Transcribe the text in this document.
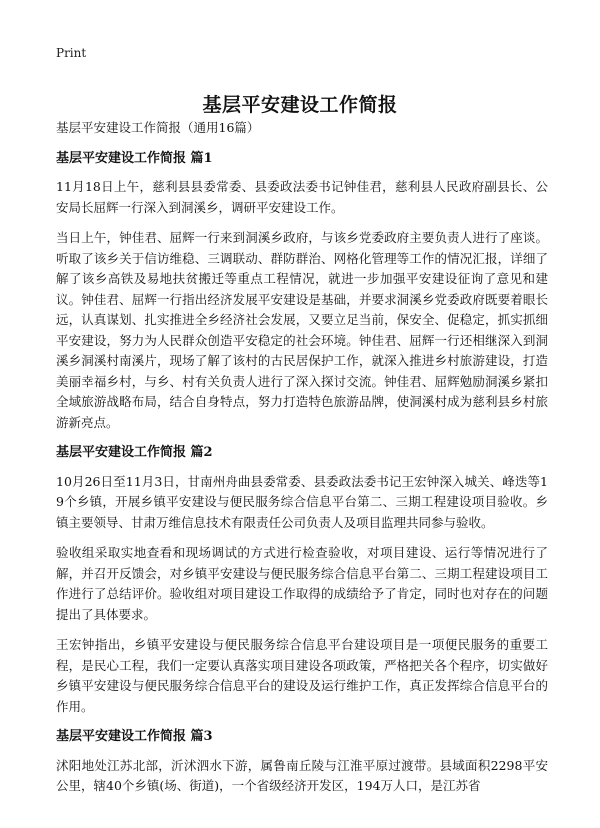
Print
基层平安建设工作简报

基层平安建设工作简报（通用16篇）

基层平安建设工作简报 篇1

11月18日上午，慈利县县委常委、县委政法委书记钟佳君，慈利县人民政府副县长、公安局长屈辉一行深入到洞溪乡，调研平安建设工作。

当日上午，钟佳君、屈辉一行来到洞溪乡政府，与该乡党委政府主要负责人进行了座谈。听取了该乡关于信访维稳、三调联动、群防群治、网格化管理等工作的情况汇报，详细了解了该乡高铁及易地扶贫搬迁等重点工程情况，就进一步加强平安建设征询了意见和建议。钟佳君、屈辉一行指出经济发展平安建设是基础，并要求洞溪乡党委政府既要着眼长远，认真谋划、扎实推进全乡经济社会发展，又要立足当前，保安全、促稳定，抓实抓细平安建设，努力为人民群众创造平安稳定的社会环境。钟佳君、屈辉一行还相继深入到洞溪乡洞溪村南溪片，现场了解了该村的古民居保护工作，就深入推进乡村旅游建设，打造美丽幸福乡村，与乡、村有关负责人进行了深入探讨交流。钟佳君、屈辉勉励洞溪乡紧扣全域旅游战略布局，结合自身特点，努力打造特色旅游品牌，使洞溪村成为慈利县乡村旅游新亮点。

基层平安建设工作简报 篇2

10月26日至11月3日，甘南州舟曲县委常委、县委政法委书记王宏钟深入城关、峰迭等19个乡镇，开展乡镇平安建设与便民服务综合信息平台第二、三期工程建设项目验收。乡镇主要领导、甘肃万维信息技术有限责任公司负责人及项目监理共同参与验收。

验收组采取实地查看和现场调试的方式进行检查验收，对项目建设、运行等情况进行了解，并召开反馈会，对乡镇平安建设与便民服务综合信息平台第二、三期工程建设项目工作进行了总结评价。验收组对项目建设工作取得的成绩给予了肯定，同时也对存在的问题提出了具体要求。

王宏钟指出，乡镇平安建设与便民服务综合信息平台建设项目是一项便民服务的重要工程，是民心工程，我们一定要认真落实项目建设各项政策，严格把关各个程序，切实做好乡镇平安建设与便民服务综合信息平台的建设及运行维护工作，真正发挥综合信息平台的作用。

基层平安建设工作简报 篇3

沭阳地处江苏北部，沂沭泗水下游，属鲁南丘陵与江淮平原过渡带。县域面积2298平安公里，辖40个乡镇(场、街道)，一个省级经济开发区，194万人口，是江苏省
